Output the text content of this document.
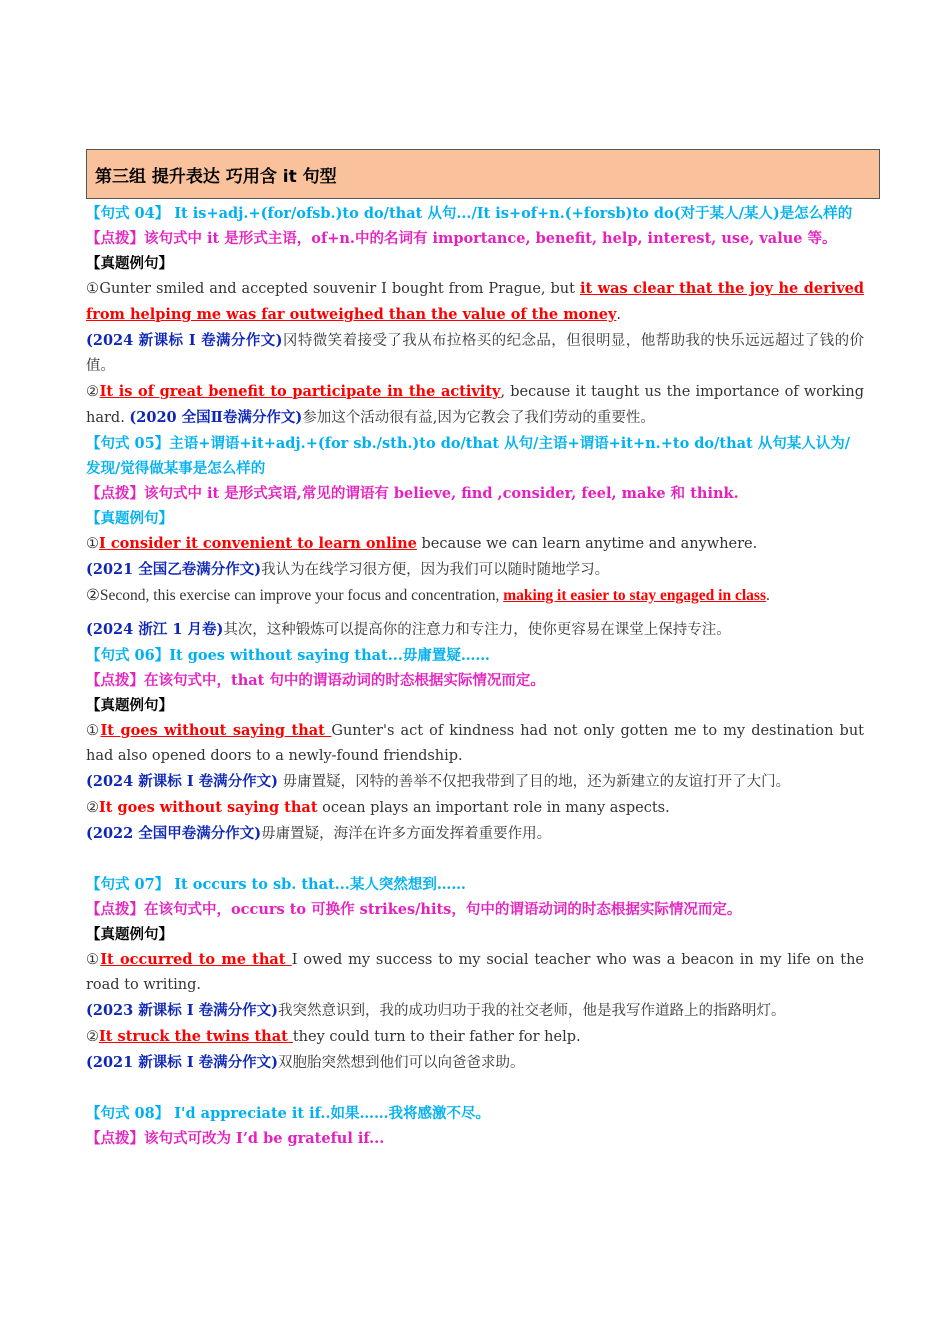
第三组 提升表达 巧用含 it 句型

【句式 04】 It is+adj.+(for/ofsb.)to do/that 从句.../It is+of+n.(+forsb)to do(对于某人/某人)是怎么样的

【点拨】该句式中 it 是形式主语，of+n.中的名词有 importance, benefit, help, interest, use, value 等。

【真题例句】

①Gunter smiled and accepted souvenir I bought from Prague, but it was clear that the joy he derived from helping me was far outweighed than the value of the money.

(2024 新课标 I 卷满分作文)冈特微笑着接受了我从布拉格买的纪念品，但很明显，他帮助我的快乐远远超过了钱的价值。

②It is of great benefit to participate in the activity, because it taught us the importance of working hard. (2020 全国Ⅱ卷满分作文)参加这个活动很有益,因为它教会了我们劳动的重要性。

【句式 05】主语+谓语+it+adj.+(for sb./sth.)to do/that 从句/主语+谓语+it+n.+to do/that 从句某人认为/发现/觉得做某事是怎么样的

【点拨】该句式中 it 是形式宾语,常见的谓语有 believe, find ,consider, feel, make 和 think.

【真题例句】

①I consider it convenient to learn online because we can learn anytime and anywhere.

(2021 全国乙卷满分作文)我认为在线学习很方便，因为我们可以随时随地学习。

②Second, this exercise can improve your focus and concentration, making it easier to stay engaged in class.

(2024 浙江 1 月卷)其次，这种锻炼可以提高你的注意力和专注力，使你更容易在课堂上保持专注。

【句式 06】It goes without saying that...毋庸置疑……

【点拨】在该句式中，that 句中的谓语动词的时态根据实际情况而定。

【真题例句】

①It goes without saying that Gunter's act of kindness had not only gotten me to my destination but had also opened doors to a newly-found friendship.

(2024 新课标 I 卷满分作文) 毋庸置疑，冈特的善举不仅把我带到了目的地，还为新建立的友谊打开了大门。

②It goes without saying that ocean plays an important role in many aspects.

(2022 全国甲卷满分作文)毋庸置疑，海洋在许多方面发挥着重要作用。

【句式 07】 It occurs to sb. that...某人突然想到……

【点拨】在该句式中，occurs to 可换作 strikes/hits，句中的谓语动词的时态根据实际情况而定。

【真题例句】

①It occurred to me that I owed my success to my social teacher who was a beacon in my life on the road to writing.

(2023 新课标 I 卷满分作文)我突然意识到，我的成功归功于我的社交老师，他是我写作道路上的指路明灯。

②It struck the twins that they could turn to their father for help.

(2021 新课标 I 卷满分作文)双胞胎突然想到他们可以向爸爸求助。

【句式 08】 I'd appreciate it if..如果……我将感激不尽。

【点拨】该句式可改为 I’d be grateful if...
